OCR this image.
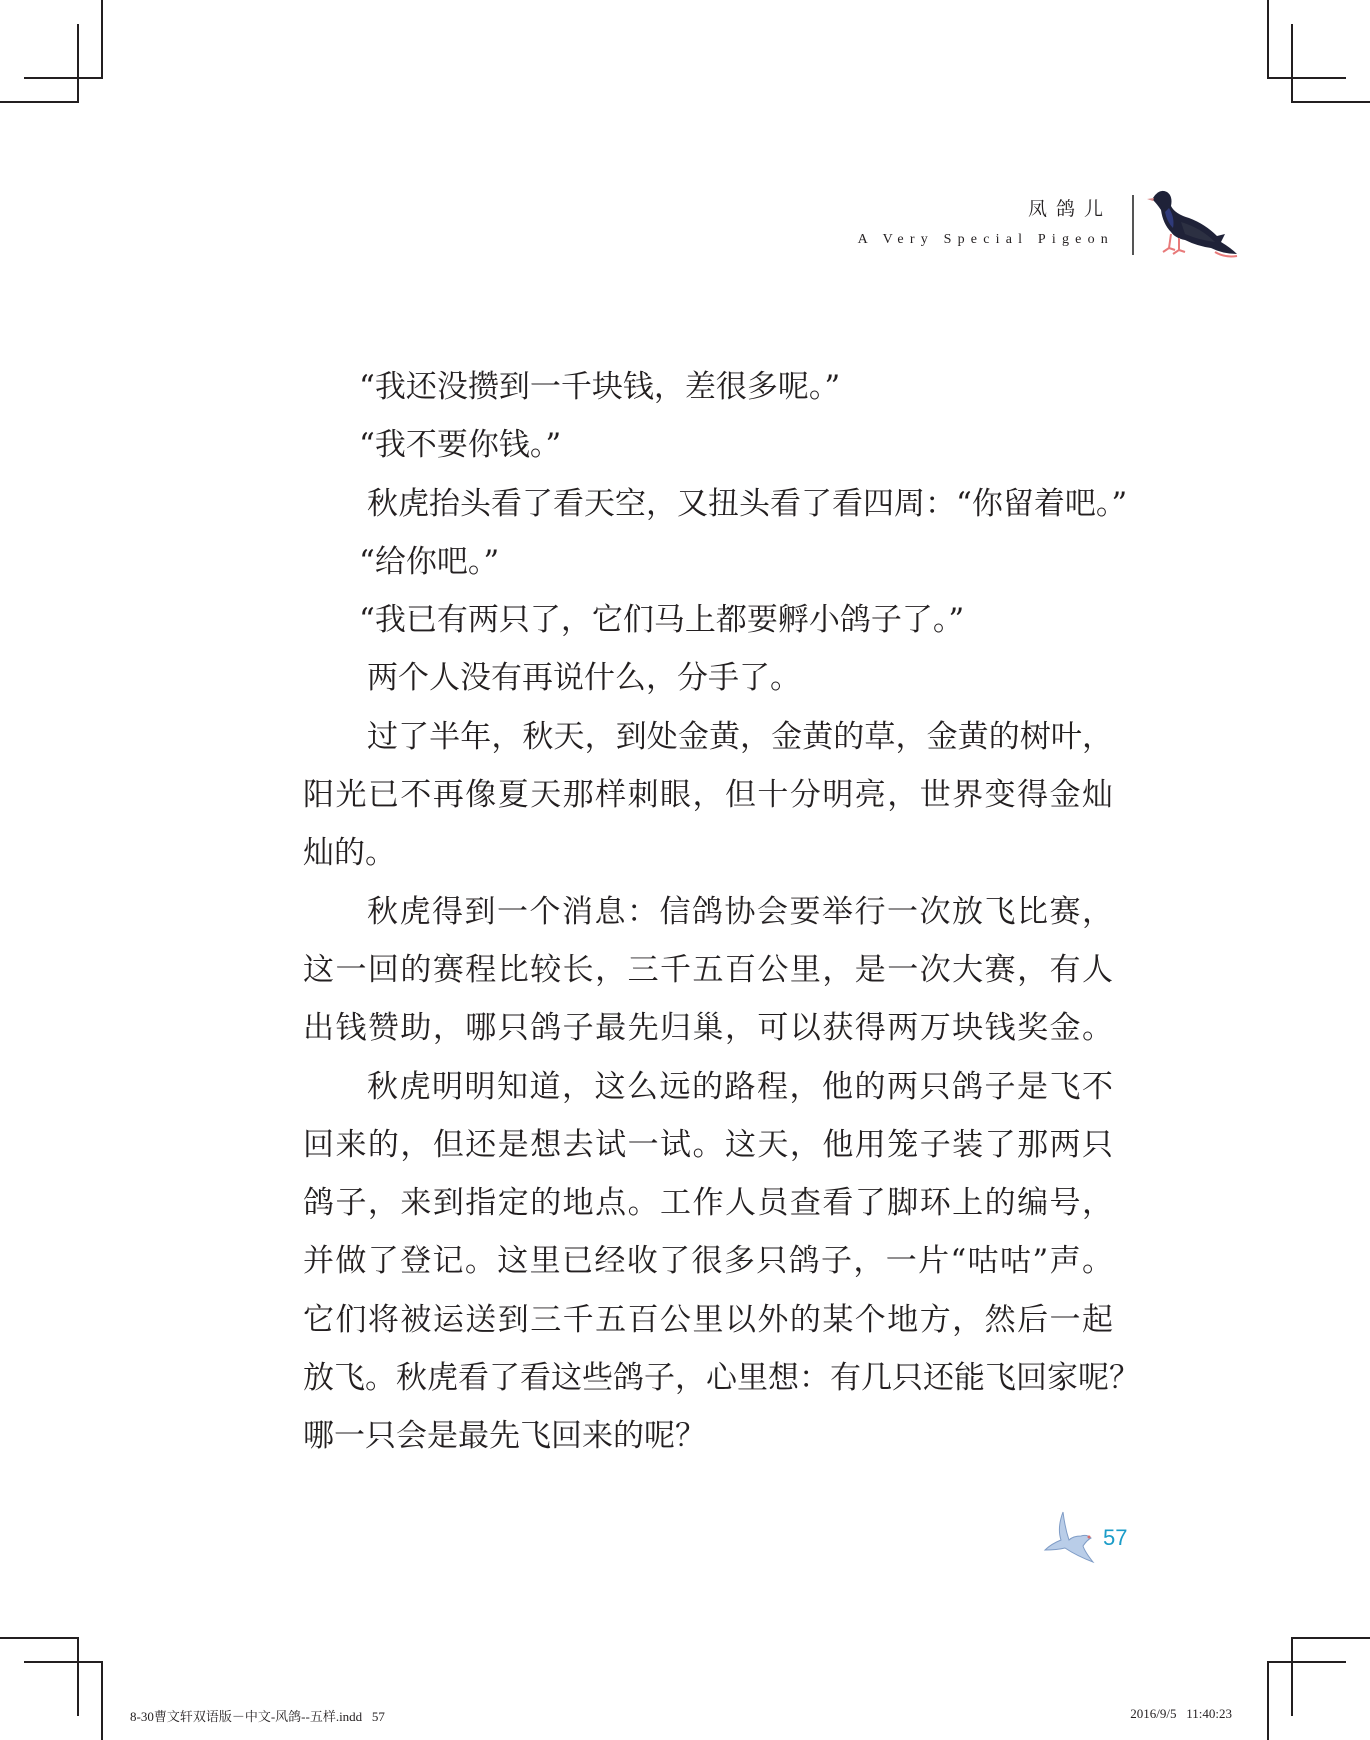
凤鸽儿
A Very Special Pigeon
“我还没攒到一千块钱，差很多呢。”
“我不要你钱。”
秋虎抬头看了看天空，又扭头看了看四周：“你留着吧。”
“给你吧。”
“我已有两只了，它们马上都要孵小鸽子了。”
两个人没有再说什么，分手了。
过了半年，秋天，到处金黄，金黄的草，金黄的树叶，
阳光已不再像夏天那样刺眼，但十分明亮，世界变得金灿
灿的。
秋虎得到一个消息：信鸽协会要举行一次放飞比赛，
这一回的赛程比较长，三千五百公里，是一次大赛，有人
出钱赞助，哪只鸽子最先归巢，可以获得两万块钱奖金。
秋虎明明知道，这么远的路程，他的两只鸽子是飞不
回来的，但还是想去试一试。这天，他用笼子装了那两只
鸽子，来到指定的地点。工作人员查看了脚环上的编号，
并做了登记。这里已经收了很多只鸽子，一片“咕咕”声。
它们将被运送到三千五百公里以外的某个地方，然后一起
放飞。秋虎看了看这些鸽子，心里想：有几只还能飞回家呢？
哪一只会是最先飞回来的呢？
57
8-30曹文轩双语版－中文-风鸽--五样.indd   57	2016/9/5   11:40:23
